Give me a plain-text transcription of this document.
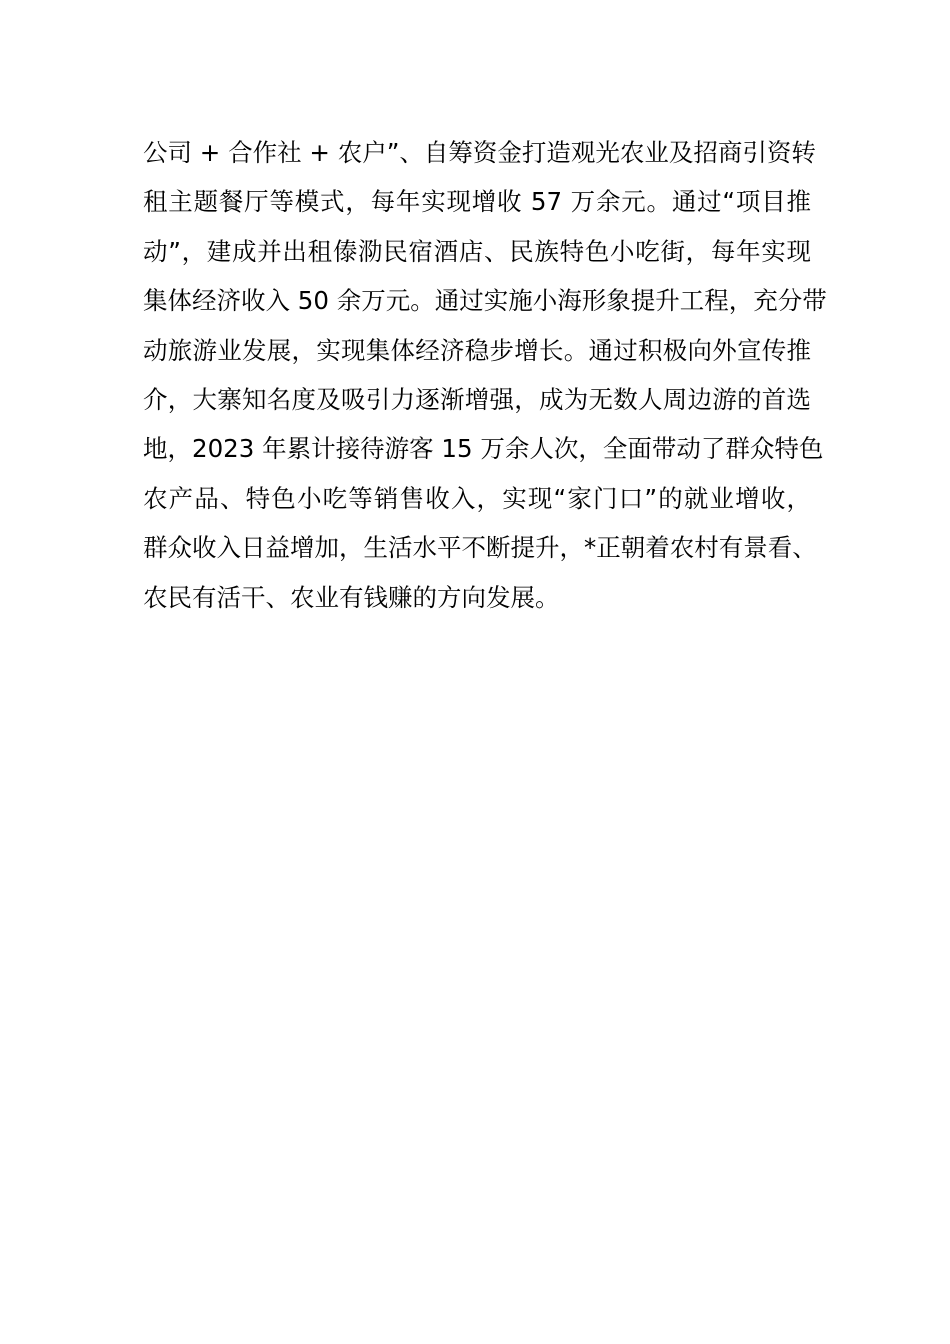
公司 + 合作社 + 农户”、自筹资金打造观光农业及招商引资转
租主题餐厅等模式，每年实现增收 57 万余元。通过“项目推
动”，建成并出租傣泐民宿酒店、民族特色小吃街，每年实现
集体经济收入 50 余万元。通过实施小海形象提升工程，充分带
动旅游业发展，实现集体经济稳步增长。通过积极向外宣传推
介，大寨知名度及吸引力逐渐增强，成为无数人周边游的首选
地，2023 年累计接待游客 15 万余人次，全面带动了群众特色
农产品、特色小吃等销售收入，实现“家门口”的就业增收，
群众收入日益增加，生活水平不断提升，*正朝着农村有景看、
农民有活干、农业有钱赚的方向发展。
